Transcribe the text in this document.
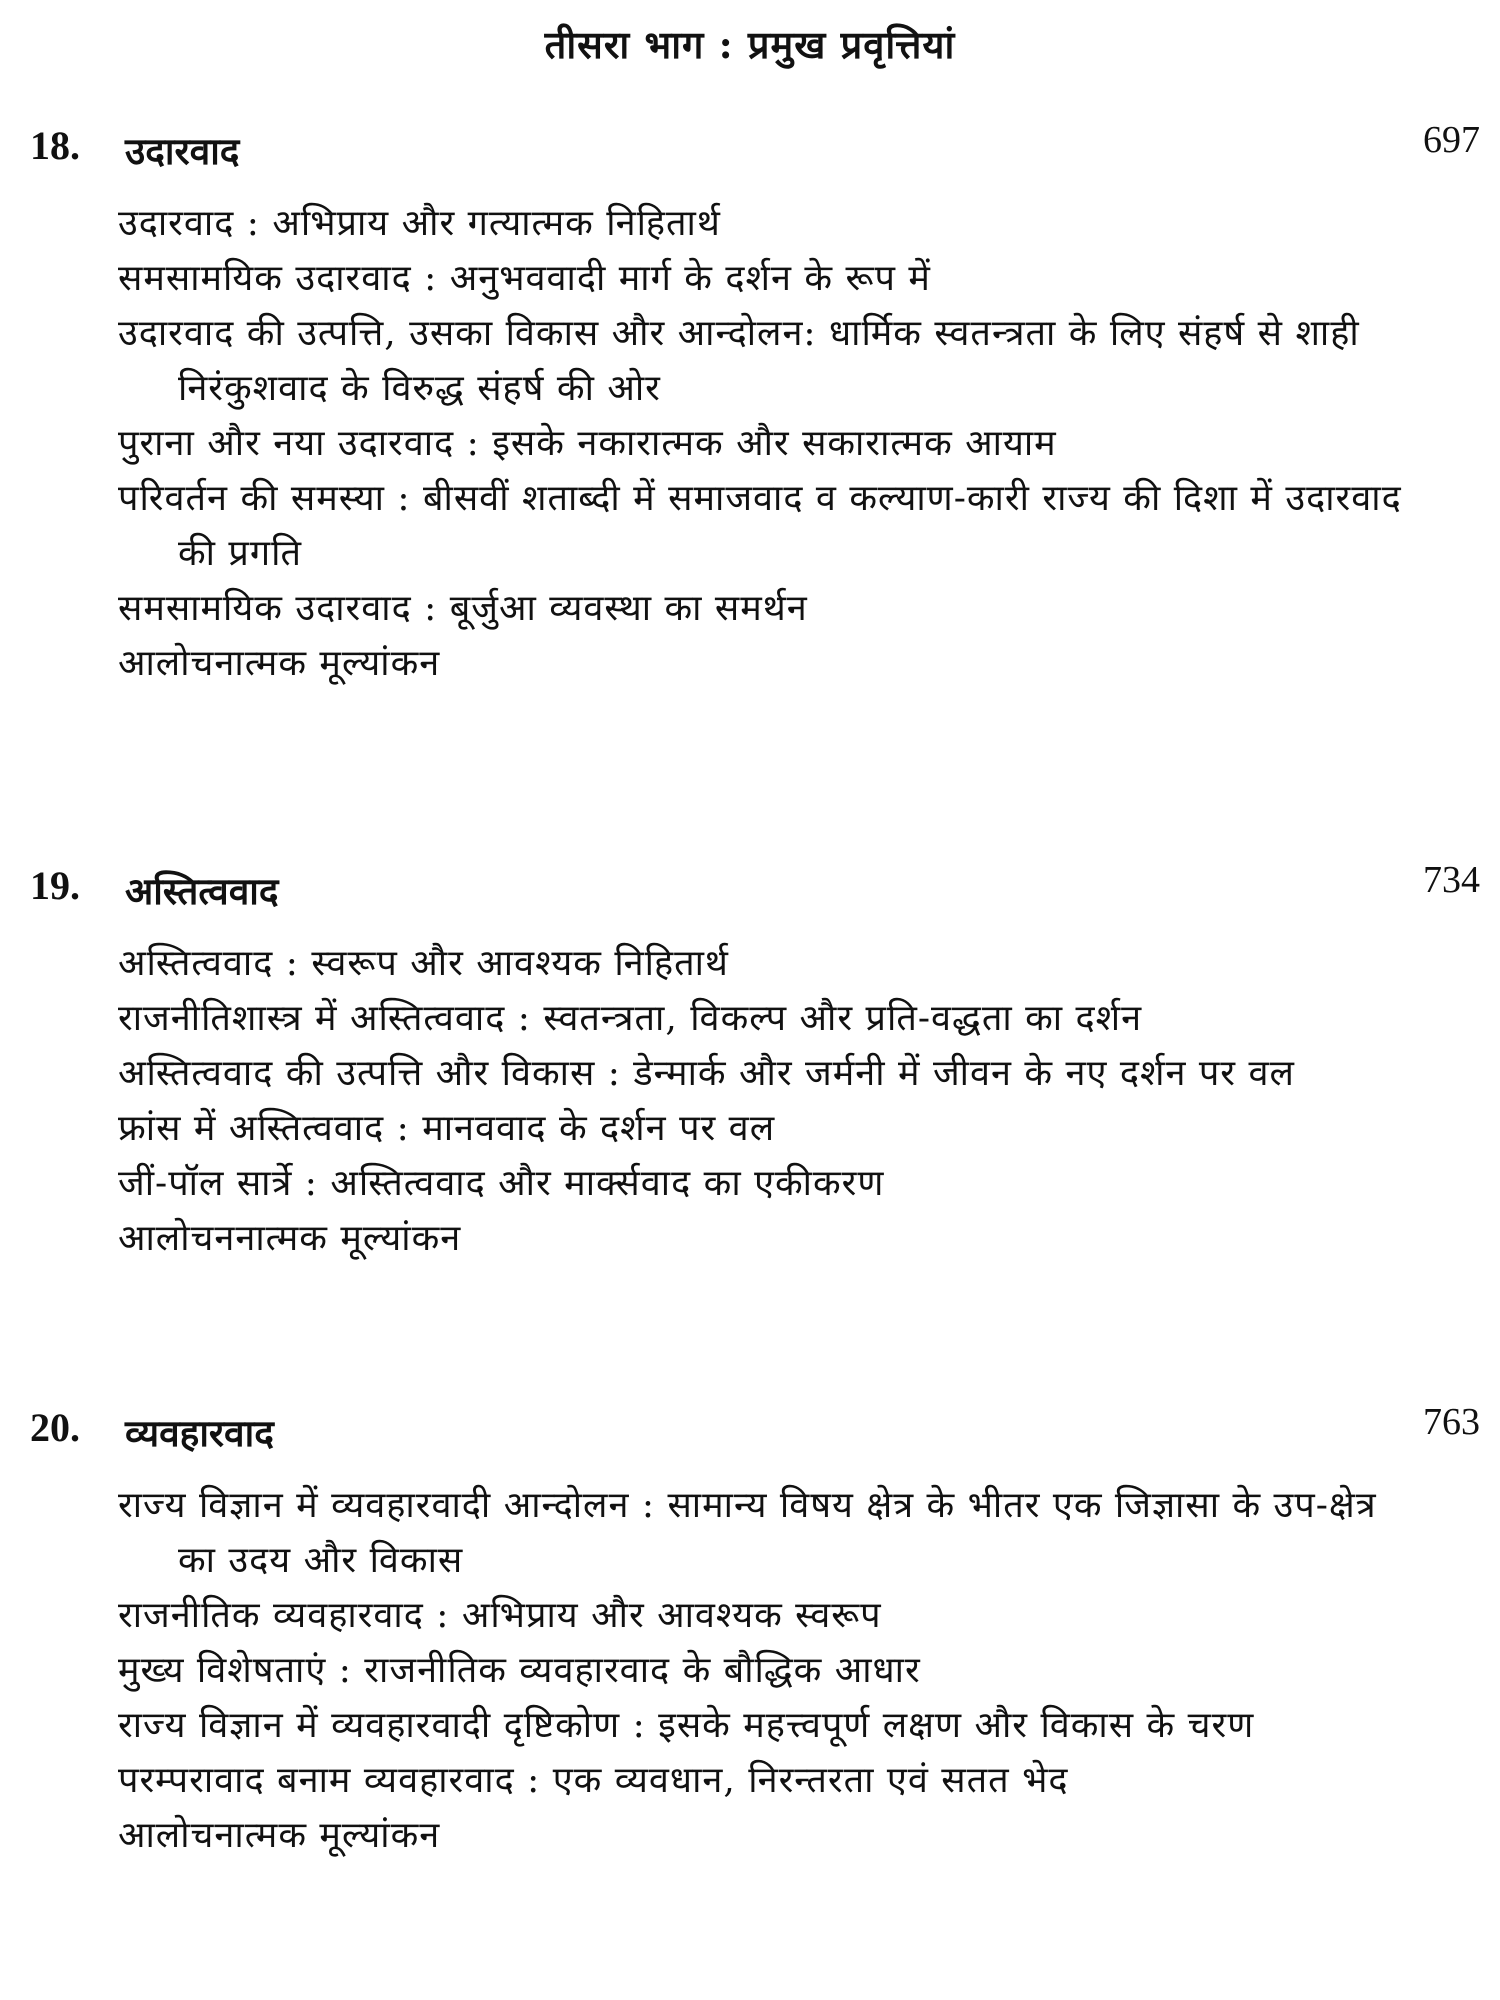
तीसरा भाग : प्रमुख प्रवृत्तियां
18. उदारवाद	697

उदारवाद : अभिप्राय और गत्यात्मक निहितार्थ

समसामयिक उदारवाद : अनुभववादी मार्ग के दर्शन के रूप में

उदारवाद की उत्पत्ति, उसका विकास और आन्दोलन: धार्मिक स्वतन्त्रता के लिए संहर्ष से शाही निरंकुशवाद के विरुद्ध संहर्ष की ओर

पुराना और नया उदारवाद : इसके नकारात्मक और सकारात्मक आयाम

परिवर्तन की समस्या : बीसवीं शताब्दी में समाजवाद व कल्याण-कारी राज्य की दिशा में उदारवाद की प्रगति

समसामयिक उदारवाद : बूर्जुआ व्यवस्था का समर्थन

आलोचनात्मक मूल्यांकन

19. अस्तित्ववाद	734

अस्तित्ववाद : स्वरूप और आवश्यक निहितार्थ

राजनीतिशास्त्र में अस्तित्ववाद : स्वतन्त्रता, विकल्प और प्रति-वद्धता का दर्शन

अस्तित्ववाद की उत्पत्ति और विकास : डेन्मार्क और जर्मनी में जीवन के नए दर्शन पर वल

फ्रांस में अस्तित्ववाद : मानववाद के दर्शन पर वल

जीं-पॉल सार्त्रे : अस्तित्ववाद और मार्क्सवाद का एकीकरण

आलोचननात्मक मूल्यांकन

20. व्यवहारवाद	763

राज्य विज्ञान में व्यवहारवादी आन्दोलन : सामान्य विषय क्षेत्र के भीतर एक जिज्ञासा के उप-क्षेत्र का उदय और विकास

राजनीतिक व्यवहारवाद : अभिप्राय और आवश्यक स्वरूप

मुख्य विशेषताएं : राजनीतिक व्यवहारवाद के बौद्धिक आधार

राज्य विज्ञान में व्यवहारवादी दृष्टिकोण : इसके महत्त्वपूर्ण लक्षण और विकास के चरण

परम्परावाद बनाम व्यवहारवाद : एक व्यवधान, निरन्तरता एवं सतत भेद

आलोचनात्मक मूल्यांकन
